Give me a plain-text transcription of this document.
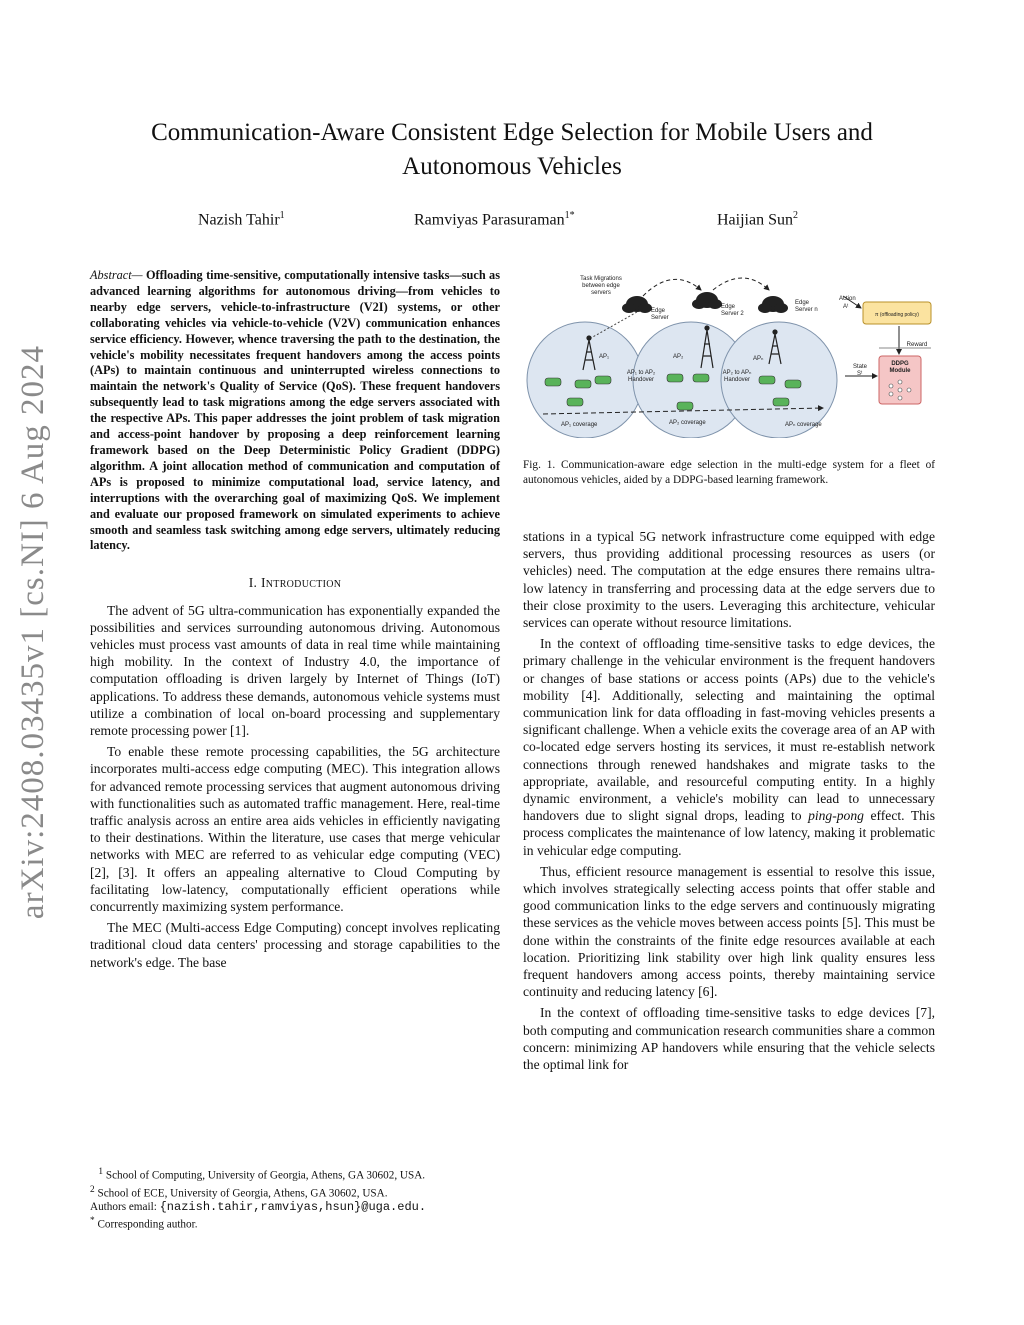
arXiv:2408.03435v1 [cs.NI] 6 Aug 2024
Communication-Aware Consistent Edge Selection for Mobile Users and Autonomous Vehicles
Nazish Tahir$^1$	Ramviyas Parasuraman$^{1*}$	Haijian Sun$^2$

Abstract— Offloading time-sensitive, computationally intensive tasks—such as advanced learning algorithms for autonomous driving—from vehicles to nearby edge servers, vehicle-to-infrastructure (V2I) systems, or other collaborating vehicles via vehicle-to-vehicle (V2V) communication enhances service efficiency. However, whence traversing the path to the destination, the vehicle's mobility necessitates frequent handovers among the access points (APs) to maintain continuous and uninterrupted wireless connections to maintain the network's Quality of Service (QoS). These frequent handovers subsequently lead to task migrations among the edge servers associated with the respective APs. This paper addresses the joint problem of task migration and access-point handover by proposing a deep reinforcement learning framework based on the Deep Deterministic Policy Gradient (DDPG) algorithm. A joint allocation method of communication and computation of APs is proposed to minimize computational load, service latency, and interruptions with the overarching goal of maximizing QoS. We implement and evaluate our proposed framework on simulated experiments to achieve smooth and seamless task switching among edge servers, ultimately reducing latency.

I. Introduction

The advent of 5G ultra-communication has exponentially expanded the possibilities and services surrounding autonomous driving. Autonomous vehicles must process vast amounts of data in real time while maintaining high mobility. In the context of Industry 4.0, the importance of computation offloading is driven largely by Internet of Things (IoT) applications. To address these demands, autonomous vehicle systems must utilize a combination of local on-board processing and supplementary remote processing power [1].

To enable these remote processing capabilities, the 5G architecture incorporates multi-access edge computing (MEC). This integration allows for advanced remote processing services that augment autonomous driving with functionalities such as automated traffic management. Here, real-time traffic analysis across an entire area aids vehicles in efficiently navigating to their destinations. Within the literature, use cases that merge vehicular networks with MEC are referred to as vehicular edge computing (VEC) [2], [3]. It offers an appealing alternative to Cloud Computing by facilitating low-latency, computationally efficient operations while concurrently maximizing system performance.

The MEC (Multi-access Edge Computing) concept involves replicating traditional cloud data centers' processing and storage capabilities to the network's edge. The base

$^1$ School of Computing, University of Georgia, Athens, GA 30602, USA.

$^2$ School of ECE, University of Georgia, Athens, GA 30602, USA.

Authors email: {nazish.tahir,ramviyas,hsun}@uga.edu.

* Corresponding author.

Task Migrations
between edge
servers
Edge
Server
Edge
Server 2
Edge
Server n
Action
Aᵗ
π (offloading policy)
Reward
State
Sᵗ
DDPG
Module
AP₁	AP₂	APₙ
AP₁ to AP₂
Handover
AP₂ to APₙ
Handover
AP₁ coverage	AP₂ coverage	APₙ coverage
Fig. 1. Communication-aware edge selection in the multi-edge system for a fleet of autonomous vehicles, aided by a DDPG-based learning framework.

stations in a typical 5G network infrastructure come equipped with edge servers, thus providing additional processing resources as users (or vehicles) need. The computation at the edge ensures there remains ultra-low latency in transferring and processing data at the edge servers due to their close proximity to the users. Leveraging this architecture, vehicular services can operate without resource limitations.

In the context of offloading time-sensitive tasks to edge devices, the primary challenge in the vehicular environment is the frequent handovers or changes of base stations or access points (APs) due to the vehicle's mobility [4]. Additionally, selecting and maintaining the optimal communication link for data offloading in fast-moving vehicles presents a significant challenge. When a vehicle exits the coverage area of an AP with co-located edge servers hosting its services, it must re-establish network connections through renewed handshakes and migrate tasks to the appropriate, available, and resourceful computing entity. In a highly dynamic environment, a vehicle's mobility can lead to unnecessary handovers due to slight signal drops, leading to ping-pong effect. This process complicates the maintenance of low latency, making it problematic in vehicular edge computing.

Thus, efficient resource management is essential to resolve this issue, which involves strategically selecting access points that offer stable and good communication links to the edge servers and continuously migrating these services as the vehicle moves between access points [5]. This must be done within the constraints of the finite edge resources available at each location. Prioritizing link stability over high link quality ensures less frequent handovers among access points, thereby maintaining service continuity and reducing latency [6].

In the context of offloading time-sensitive tasks to edge devices [7], both computing and communication research communities share a common concern: minimizing AP handovers while ensuring that the vehicle selects the optimal link for
